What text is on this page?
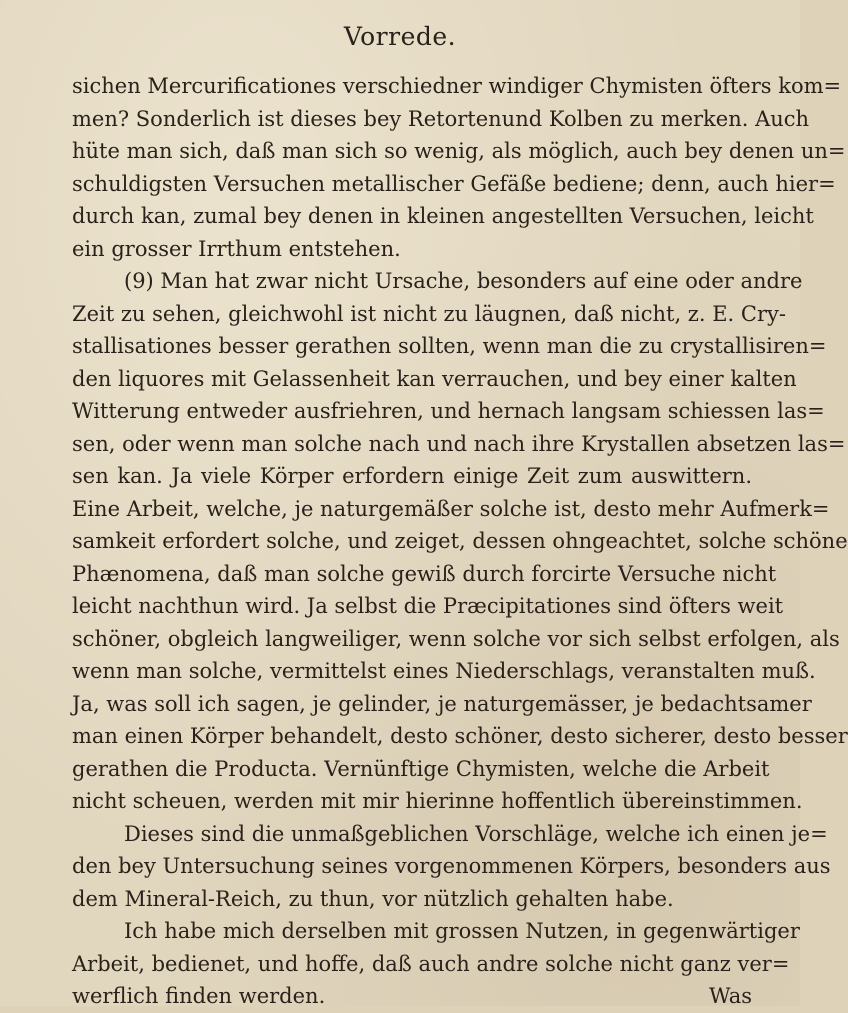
Vorrede.
sichen Mercurificationes verschiedner windiger Chymisten öfters kom=
men? Sonderlich ist dieses bey Retortenund Kolben zu merken. Auch
hüte man sich, daß man sich so wenig, als möglich, auch bey denen un=
schuldigsten Versuchen metallischer Gefäße bediene; denn, auch hier=
durch kan, zumal bey denen in kleinen angestellten Versuchen, leicht
ein grosser Irrthum entstehen.
(9) Man hat zwar nicht Ursache, besonders auf eine oder andre
Zeit zu sehen, gleichwohl ist nicht zu läugnen, daß nicht, z. E. Cry-
stallisationes besser gerathen sollten, wenn man die zu crystallisiren=
den liquores mit Gelassenheit kan verrauchen, und bey einer kalten
Witterung entweder ausfriehren, und hernach langsam schiessen las=
sen, oder wenn man solche nach und nach ihre Krystallen absetzen las=
sen kan. Ja viele Körper erfordern einige Zeit zum auswittern.
Eine Arbeit, welche, je naturgemäßer solche ist, desto mehr Aufmerk=
samkeit erfordert solche, und zeiget, dessen ohngeachtet, solche schöne
Phænomena, daß man solche gewiß durch forcirte Versuche nicht
leicht nachthun wird. Ja selbst die Præcipitationes sind öfters weit
schöner, obgleich langweiliger, wenn solche vor sich selbst erfolgen, als
wenn man solche, vermittelst eines Niederschlags, veranstalten muß.
Ja, was soll ich sagen, je gelinder, je naturgemässer, je bedachtsamer
man einen Körper behandelt, desto schöner, desto sicherer, desto besser
gerathen die Producta. Vernünftige Chymisten, welche die Arbeit
nicht scheuen, werden mit mir hierinne hoffentlich übereinstimmen.
Dieses sind die unmaßgeblichen Vorschläge, welche ich einen je=
den bey Untersuchung seines vorgenommenen Körpers, besonders aus
dem Mineral-Reich, zu thun, vor nützlich gehalten habe.
Ich habe mich derselben mit grossen Nutzen, in gegenwärtiger
Arbeit, bedienet, und hoffe, daß auch andre solche nicht ganz ver=
werflich finden werden.	Was
